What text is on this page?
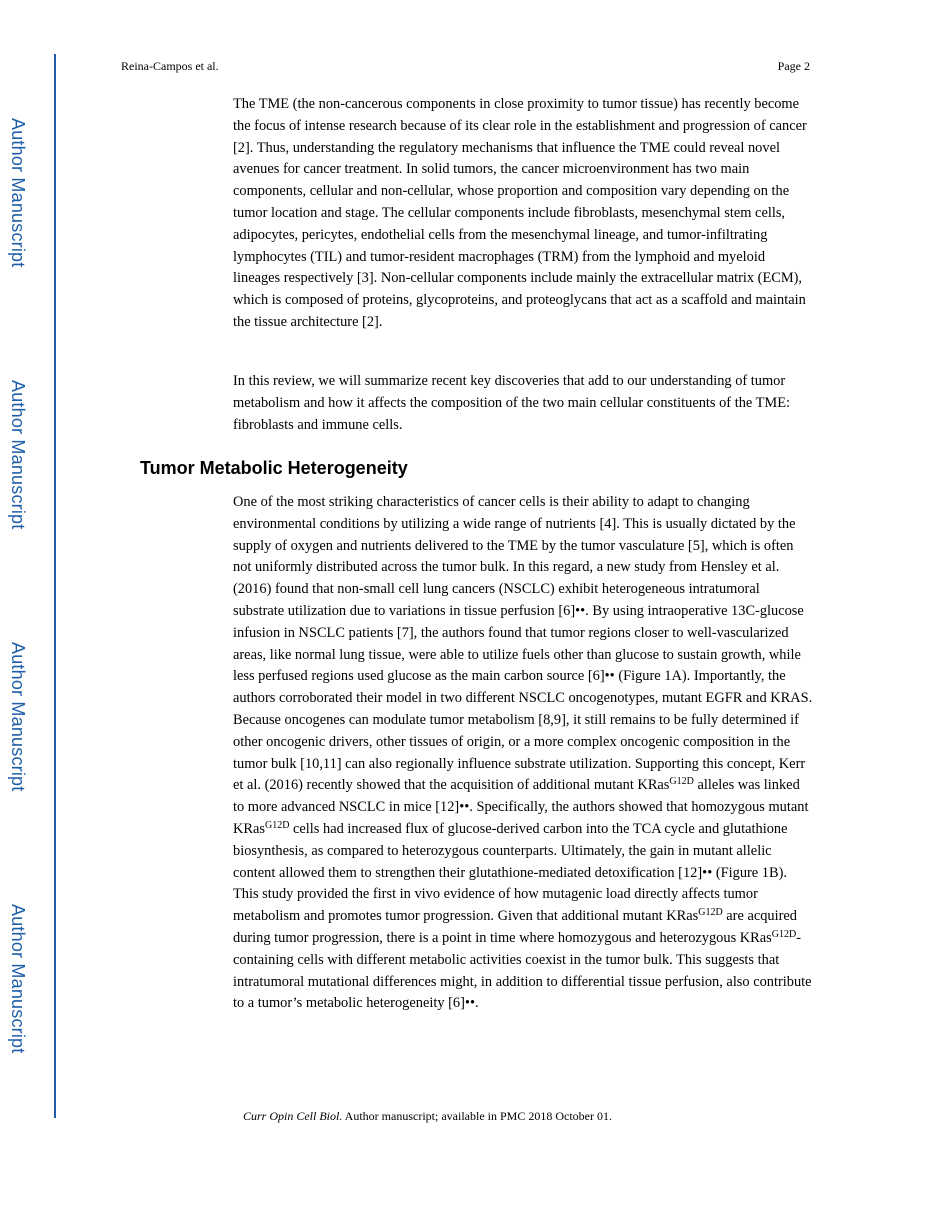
Author Manuscript
Author Manuscript
Author Manuscript
Author Manuscript
Reina-Campos et al.	Page 2

The TME (the non-cancerous components in close proximity to tumor tissue) has recently become the focus of intense research because of its clear role in the establishment and progression of cancer [2]. Thus, understanding the regulatory mechanisms that influence the TME could reveal novel avenues for cancer treatment. In solid tumors, the cancer microenvironment has two main components, cellular and non-cellular, whose proportion and composition vary depending on the tumor location and stage. The cellular components include fibroblasts, mesenchymal stem cells, adipocytes, pericytes, endothelial cells from the mesenchymal lineage, and tumor-infiltrating lymphocytes (TIL) and tumor-resident macrophages (TRM) from the lymphoid and myeloid lineages respectively [3]. Non-cellular components include mainly the extracellular matrix (ECM), which is composed of proteins, glycoproteins, and proteoglycans that act as a scaffold and maintain the tissue architecture [2].

In this review, we will summarize recent key discoveries that add to our understanding of tumor metabolism and how it affects the composition of the two main cellular constituents of the TME: fibroblasts and immune cells.

Tumor Metabolic Heterogeneity

One of the most striking characteristics of cancer cells is their ability to adapt to changing environmental conditions by utilizing a wide range of nutrients [4]. This is usually dictated by the supply of oxygen and nutrients delivered to the TME by the tumor vasculature [5], which is often not uniformly distributed across the tumor bulk. In this regard, a new study from Hensley et al. (2016) found that non-small cell lung cancers (NSCLC) exhibit heterogeneous intratumoral substrate utilization due to variations in tissue perfusion [6]••. By using intraoperative 13C-glucose infusion in NSCLC patients [7], the authors found that tumor regions closer to well-vascularized areas, like normal lung tissue, were able to utilize fuels other than glucose to sustain growth, while less perfused regions used glucose as the main carbon source [6]•• (Figure 1A). Importantly, the authors corroborated their model in two different NSCLC oncogenotypes, mutant EGFR and KRAS. Because oncogenes can modulate tumor metabolism [8,9], it still remains to be fully determined if other oncogenic drivers, other tissues of origin, or a more complex oncogenic composition in the tumor bulk [10,11] can also regionally influence substrate utilization. Supporting this concept, Kerr et al. (2016) recently showed that the acquisition of additional mutant KRas$^{G12D}$ alleles was linked to more advanced NSCLC in mice [12]••. Specifically, the authors showed that homozygous mutant KRas$^{G12D}$ cells had increased flux of glucose-derived carbon into the TCA cycle and glutathione biosynthesis, as compared to heterozygous counterparts. Ultimately, the gain in mutant allelic content allowed them to strengthen their glutathione-mediated detoxification [12]•• (Figure 1B). This study provided the first in vivo evidence of how mutagenic load directly affects tumor metabolism and promotes tumor progression. Given that additional mutant KRas$^{G12D}$ are acquired during tumor progression, there is a point in time where homozygous and heterozygous KRas$^{G12D}$-containing cells with different metabolic activities coexist in the tumor bulk. This suggests that intratumoral mutational differences might, in addition to differential tissue perfusion, also contribute to a tumor’s metabolic heterogeneity [6]••.

Curr Opin Cell Biol. Author manuscript; available in PMC 2018 October 01.
